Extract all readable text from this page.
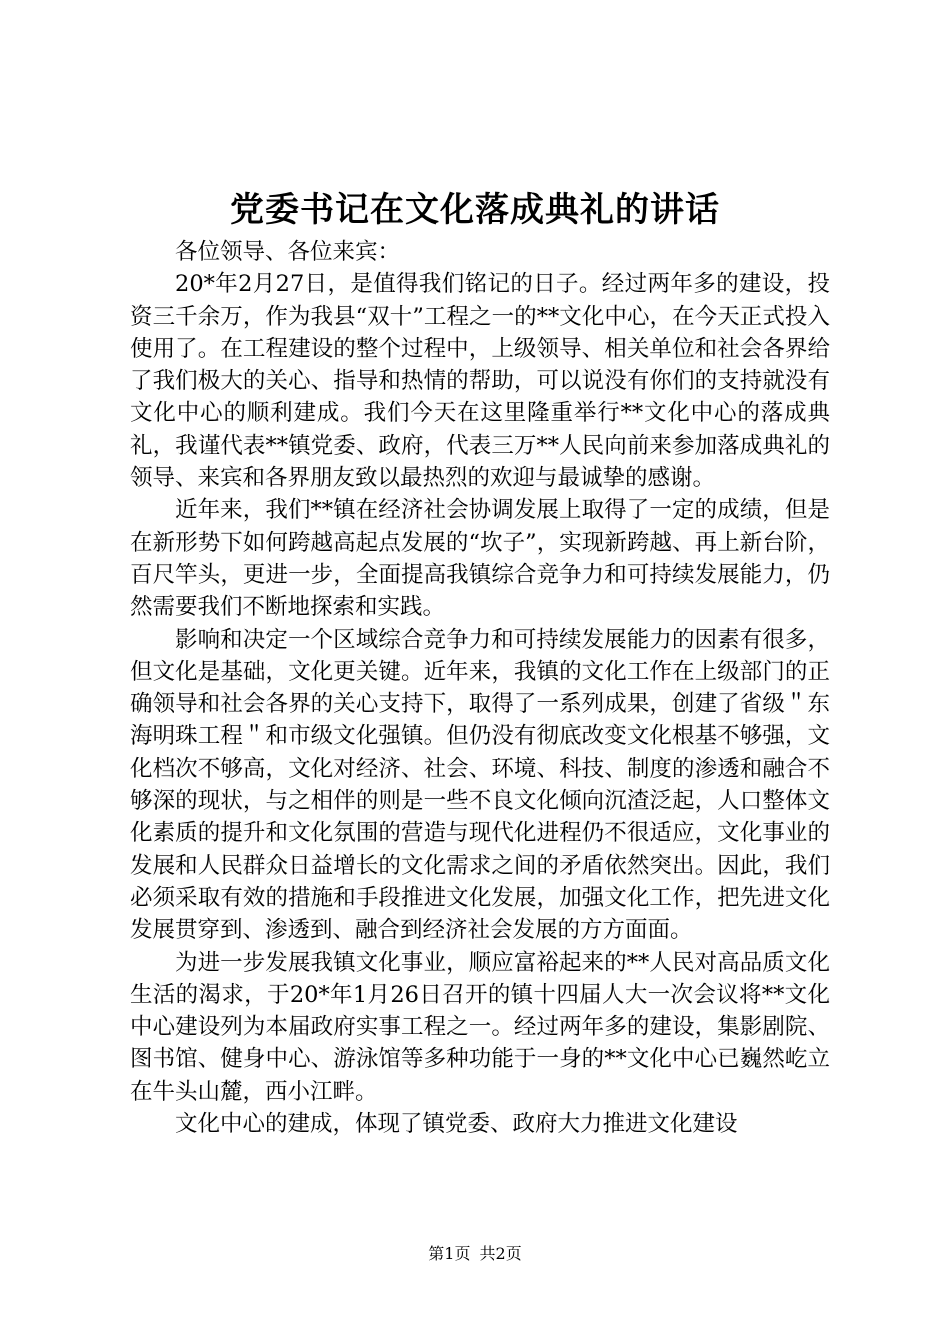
党委书记在文化落成典礼的讲话

各位领导、各位来宾：

20*年2月27日，是值得我们铭记的日子。经过两年多的建设，投资三千余万，作为我县“双十”工程之一的**文化中心，在今天正式投入使用了。在工程建设的整个过程中，上级领导、相关单位和社会各界给了我们极大的关心、指导和热情的帮助，可以说没有你们的支持就没有文化中心的顺利建成。我们今天在这里隆重举行**文化中心的落成典礼，我谨代表**镇党委、政府，代表三万**人民向前来参加落成典礼的领导、来宾和各界朋友致以最热烈的欢迎与最诚挚的感谢。

近年来，我们**镇在经济社会协调发展上取得了一定的成绩，但是在新形势下如何跨越高起点发展的“坎子”，实现新跨越、再上新台阶，百尺竿头，更进一步，全面提高我镇综合竞争力和可持续发展能力，仍然需要我们不断地探索和实践。

影响和决定一个区域综合竞争力和可持续发展能力的因素有很多，但文化是基础，文化更关键。近年来，我镇的文化工作在上级部门的正确领导和社会各界的关心支持下，取得了一系列成果，创建了省级＂东海明珠工程＂和市级文化强镇。但仍没有彻底改变文化根基不够强，文化档次不够高，文化对经济、社会、环境、科技、制度的渗透和融合不够深的现状，与之相伴的则是一些不良文化倾向沉渣泛起，人口整体文化素质的提升和文化氛围的营造与现代化进程仍不很适应，文化事业的发展和人民群众日益增长的文化需求之间的矛盾依然突出。因此，我们必须采取有效的措施和手段推进文化发展，加强文化工作，把先进文化发展贯穿到、渗透到、融合到经济社会发展的方方面面。

为进一步发展我镇文化事业，顺应富裕起来的**人民对高品质文化生活的渴求，于20*年1月26日召开的镇十四届人大一次会议将**文化中心建设列为本届政府实事工程之一。经过两年多的建设，集影剧院、图书馆、健身中心、游泳馆等多种功能于一身的**文化中心已巍然屹立在牛头山麓，西小江畔。

文化中心的建成，体现了镇党委、政府大力推进文化建设

第1页 共2页
